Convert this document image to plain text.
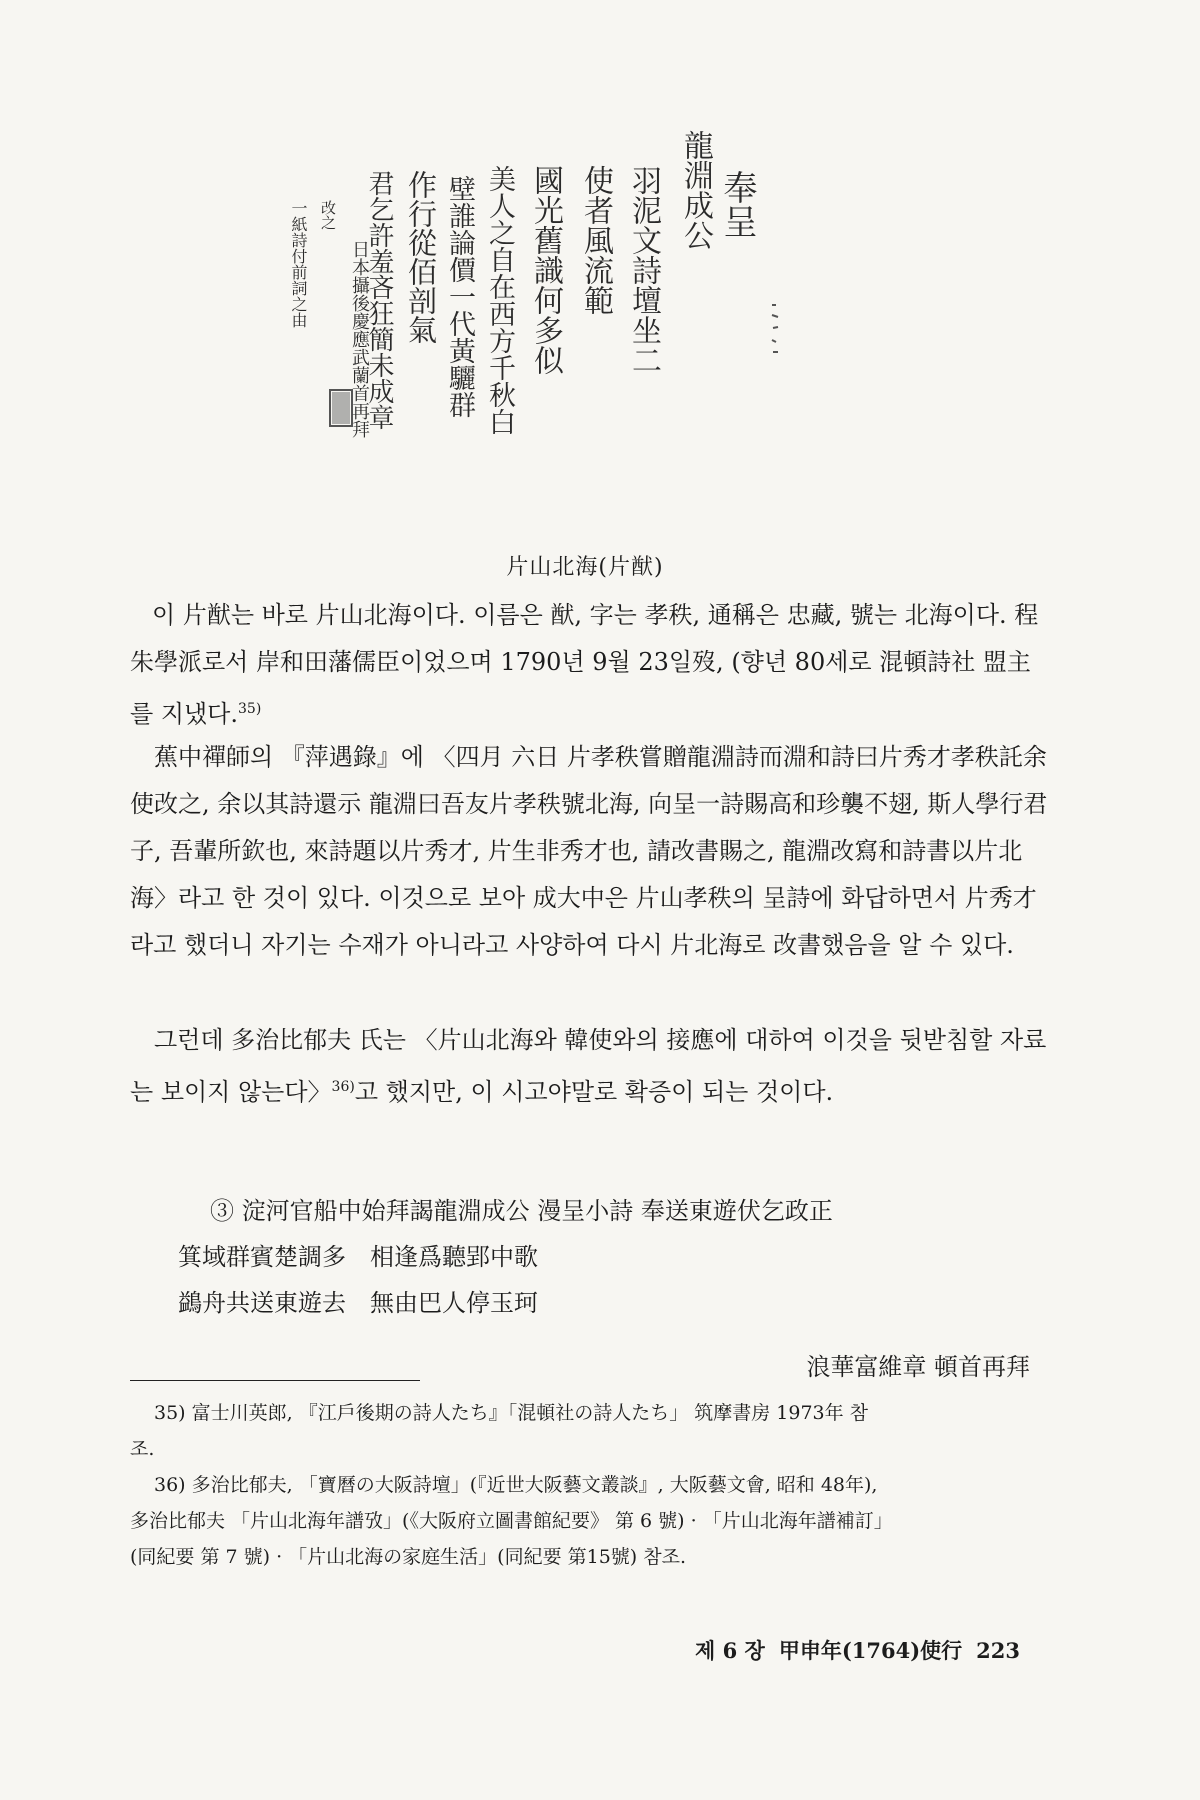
龍淵成公 奉呈
羽泥文詩壇坐二
使者風流範
國光舊識何多似
美人之自在西方千秋白
壁誰論價一代黃驪群
作行從佰剖氣
君乞許羞吝狂簡未成章
日本攝後慶應武蘭首再拜
一紙詩付前詞之由 改之
片山北海(片猷)

이 片猷는 바로 片山北海이다. 이름은 猷, 字는 孝秩, 通稱은 忠藏, 號는 北海이다. 程朱學派로서 岸和田藩儒臣이었으며 1790년 9월 23일歿, (향년 80세로 混頓詩社 盟主를 지냈다.$^{35)}$

蕉中禪師의 『萍遇錄』에 〈四月 六日 片孝秩嘗贈龍淵詩而淵和詩曰片秀才孝秩託余使改之, 余以其詩還示 龍淵曰吾友片孝秩號北海, 向呈一詩賜高和珍襲不翅, 斯人學行君子, 吾輩所欽也, 來詩題以片秀才, 片生非秀才也, 請改書賜之, 龍淵改寫和詩書以片北海〉라고 한 것이 있다. 이것으로 보아 成大中은 片山孝秩의 呈詩에 화답하면서 片秀才라고 했더니 자기는 수재가 아니라고 사양하여 다시 片北海로 改書했음을 알 수 있다.

그런데 多治比郁夫 氏는 〈片山北海와 韓使와의 接應에 대하여 이것을 뒷받침할 자료는 보이지 않는다〉$^{36)}$고 했지만, 이 시고야말로 확증이 되는 것이다.

③ 淀河官船中始拜謁龍淵成公 漫呈小詩 奉送東遊伏乞政正
箕域群賓楚調多　相逢爲聽郢中歌
鷁舟共送東遊去　無由巴人停玉珂
浪華富維章 頓首再拜

35) 富士川英郎, 『江戶後期の詩人たち』「混頓社の詩人たち」 筑摩書房 1973年 참

조.

36) 多治比郁夫, 「寶曆の大阪詩壇」(『近世大阪藝文叢談』, 大阪藝文會, 昭和 48年),

多治比郁夫 「片山北海年譜攷」(《大阪府立圖書館紀要》 第 6 號) · 「片山北海年譜補訂」

(同紀要 第 7 號) · 「片山北海の家庭生活」(同紀要 第15號) 참조.

제 6 장 甲申年(1764)使行 223
